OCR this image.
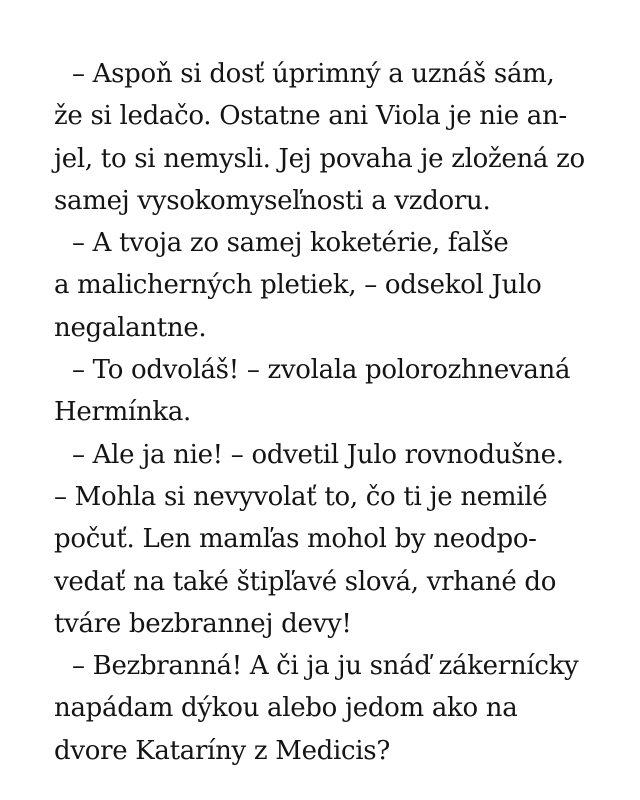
– Aspoň si dosť úprimný a uznáš sám,
že si ledačo. Ostatne ani Viola je nie an-
jel, to si nemysli. Jej povaha je zložená zo
samej vysokomyseľnosti a vzdoru.
– A tvoja zo samej koketérie, falše
a malicherných pletiek, – odsekol Julo
negalantne.
– To odvoláš! – zvolala polorozhnevaná
Hermínka.
– Ale ja nie! – odvetil Julo rovnodušne.
– Mohla si nevyvolať to, čo ti je nemilé
počuť. Len mamľas mohol by neodpo-
vedať na také štipľavé slová, vrhané do
tváre bezbrannej devy!
– Bezbranná! A či ja ju snáď zákernícky
napádam dýkou alebo jedom ako na
dvore Kataríny z Medicis?
